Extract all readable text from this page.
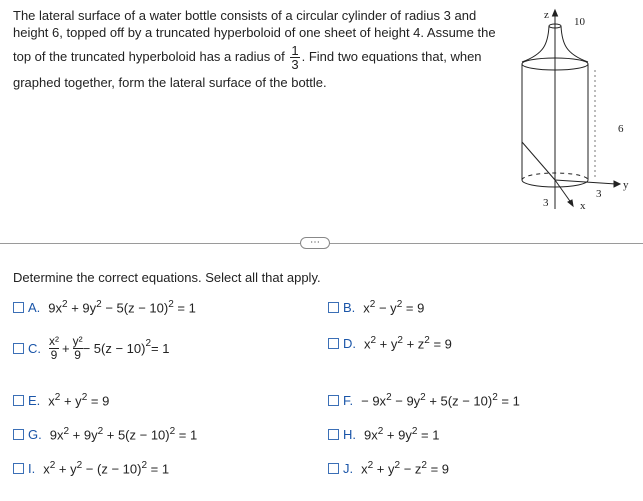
The lateral surface of a water bottle consists of a circular cylinder of radius 3 and
height 6, topped off by a truncated hyperboloid of one sheet of height 4. Assume the
top of the truncated hyperboloid has a radius of $\frac{1}{3}$ . Find two equations that, when
graphed together, form the lateral surface of the bottle.
z
10
6
3	x
3
y
⋯
Determine the correct equations. Select all that apply.
A. $9x^2 + 9y^2 - 5(z - 10)^2 = 1$	B. $x^2 - y^2 = 9$
C. $\frac{\text{x²}}{9} + \frac{\text{y²}}{9} - 5(z - 10)^2 = 1$	D. $x^2 + y^2 + z^2 = 9$
E. $x^2 + y^2 = 9$	F. − $9x^2 - 9y^2 + 5(z - 10)^2 = 1$
G. $9x^2 + 9y^2 + 5(z - 10)^2 = 1$	H. $9x^2 + 9y^2 = 1$
I. $x^2 + y^2 - (z - 10)^2 = 1$	J. $x^2 + y^2 - z^2 = 9$
